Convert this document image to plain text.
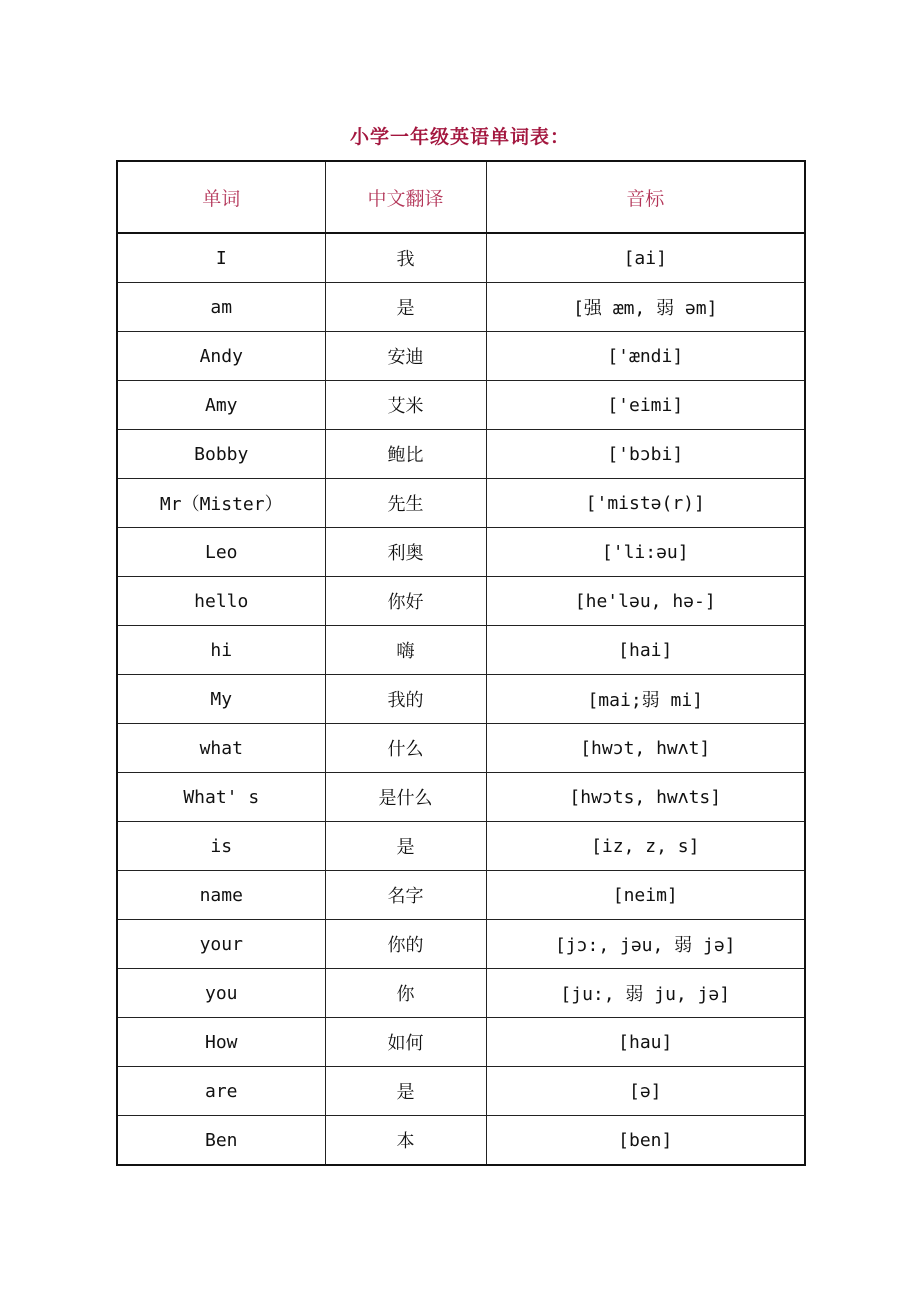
小学一年级英语单词表：
单词	中文翻译	音标
I	我	[ai]
am	是	[强 æm, 弱 əm]
Andy	安迪	['ændi]
Amy	艾米	['eimi]
Bobby	鲍比	['bɔbi]
Mr（Mister）	先生	['mistə(r)]
Leo	利奥	['li:əu]
hello	你好	[he'ləu, hə-]
hi	嗨	[hai]
My	我的	[mai;弱 mi]
what	什么	[hwɔt, hwʌt]
What' s	是什么	[hwɔts, hwʌts]
is	是	[iz, z, s]
name	名字	[neim]
your	你的	[jɔ:, jəu, 弱 jə]
you	你	[ju:, 弱 ju, jə]
How	如何	[hau]
are	是	[ə]
Ben	本	[ben]
